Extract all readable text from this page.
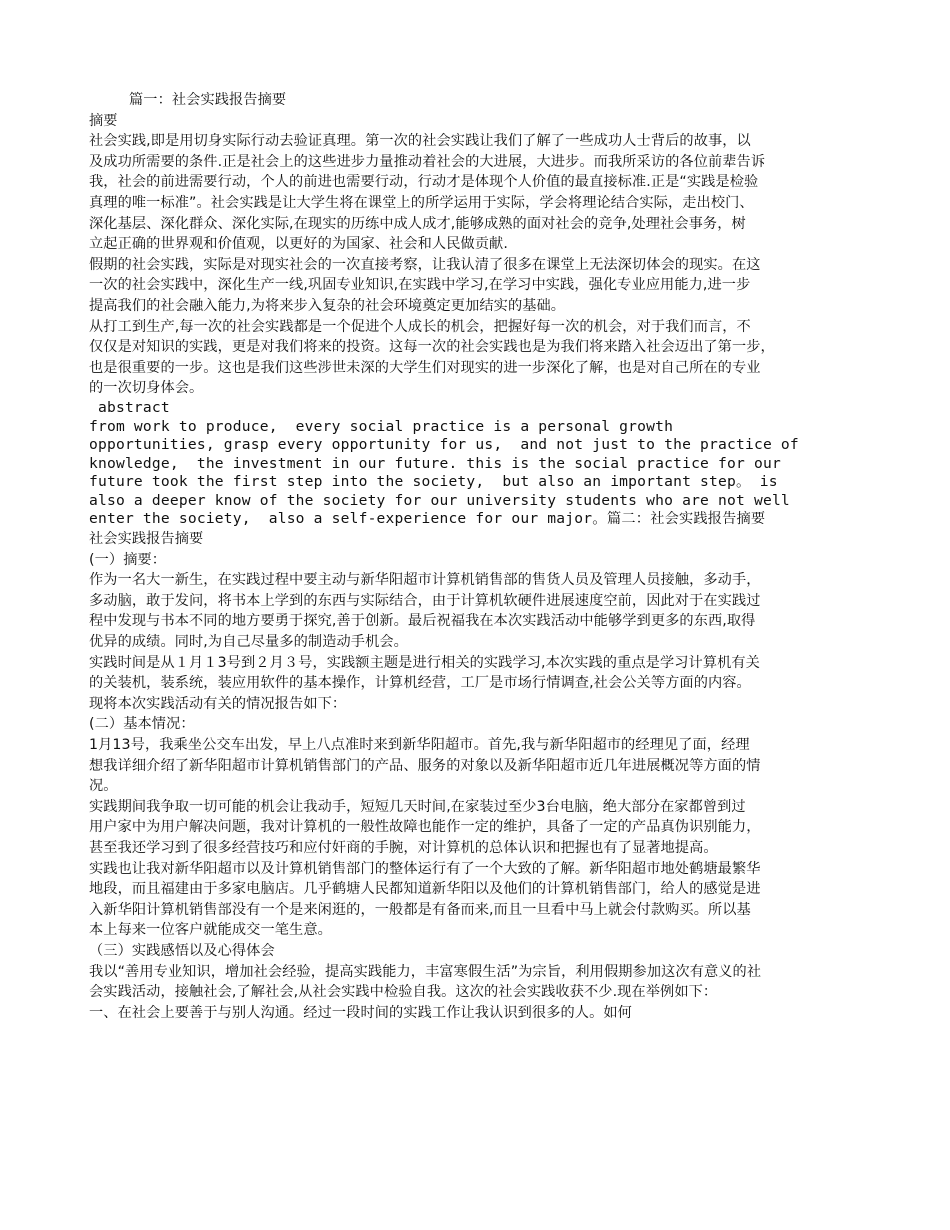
篇一：社会实践报告摘要
摘要
社会实践,即是用切身实际行动去验证真理。第一次的社会实践让我们了解了一些成功人士背后的故事，以
及成功所需要的条件.正是社会上的这些进步力量推动着社会的大进展，大进步。而我所采访的各位前辈告诉
我，社会的前进需要行动，个人的前进也需要行动，行动才是体现个人价值的最直接标准.正是“实践是检验
真理的唯一标准”。社会实践是让大学生将在课堂上的所学运用于实际，学会将理论结合实际，走出校门、
深化基层、深化群众、深化实际,在现实的历练中成人成才,能够成熟的面对社会的竞争,处理社会事务，树
立起正确的世界观和价值观，以更好的为国家、社会和人民做贡献.
假期的社会实践，实际是对现实社会的一次直接考察，让我认清了很多在课堂上无法深切体会的现实。在这
一次的社会实践中，深化生产一线,巩固专业知识,在实践中学习,在学习中实践，强化专业应用能力,进一步
提高我们的社会融入能力,为将来步入复杂的社会环境奠定更加结实的基础。
从打工到生产,每一次的社会实践都是一个促进个人成长的机会，把握好每一次的机会，对于我们而言，不
仅仅是对知识的实践，更是对我们将来的投资。这每一次的社会实践也是为我们将来踏入社会迈出了第一步，
也是很重要的一步。这也是我们这些涉世未深的大学生们对现实的进一步深化了解，也是对自己所在的专业
的一次切身体会。
abstract
from work to produce,  every social practice is a personal growth
opportunities, grasp every opportunity for us,  and not just to the practice of
knowledge,  the investment in our future. this is the social practice for our
future took the first step into the society,  but also an important step。 is
also a deeper know of the society for our university students who are not well
enter the society,  also a self-experience for our major。篇二：社会实践报告摘要
社会实践报告摘要
(一）摘要：
作为一名大一新生，在实践过程中要主动与新华阳超市计算机销售部的售货人员及管理人员接触，多动手，
多动脑，敢于发问，将书本上学到的东西与实际结合，由于计算机软硬件进展速度空前，因此对于在实践过
程中发现与书本不同的地方要勇于探究,善于创新。最后祝福我在本次实践活动中能够学到更多的东西,取得
优异的成绩。同时,为自己尽量多的制造动手机会。
实践时间是从１月１3号到２月３号，实践额主题是进行相关的实践学习,本次实践的重点是学习计算机有关
的关装机，装系统，装应用软件的基本操作，计算机经营，工厂是市场行情调查,社会公关等方面的内容。
现将本次实践活动有关的情况报告如下：
(二）基本情况：
1月13号，我乘坐公交车出发，早上八点准时来到新华阳超市。首先,我与新华阳超市的经理见了面，经理
想我详细介绍了新华阳超市计算机销售部门的产品、服务的对象以及新华阳超市近几年进展概况等方面的情
况。
实践期间我争取一切可能的机会让我动手，短短几天时间,在家装过至少3台电脑，绝大部分在家都曾到过
用户家中为用户解决问题，我对计算机的一般性故障也能作一定的维护，具备了一定的产品真伪识别能力，
甚至我还学习到了很多经营技巧和应付奸商的手腕，对计算机的总体认识和把握也有了显著地提高。
实践也让我对新华阳超市以及计算机销售部门的整体运行有了一个大致的了解。新华阳超市地处鹤塘最繁华
地段，而且福建由于多家电脑店。几乎鹤塘人民都知道新华阳以及他们的计算机销售部门，给人的感觉是进
入新华阳计算机销售部没有一个是来闲逛的，一般都是有备而来,而且一旦看中马上就会付款购买。所以基
本上每来一位客户就能成交一笔生意。
（三）实践感悟以及心得体会
我以“善用专业知识，增加社会经验，提高实践能力，丰富寒假生活”为宗旨，利用假期参加这次有意义的社
会实践活动，接触社会,了解社会,从社会实践中检验自我。这次的社会实践收获不少.现在举例如下：
一、在社会上要善于与别人沟通。经过一段时间的实践工作让我认识到很多的人。如何
